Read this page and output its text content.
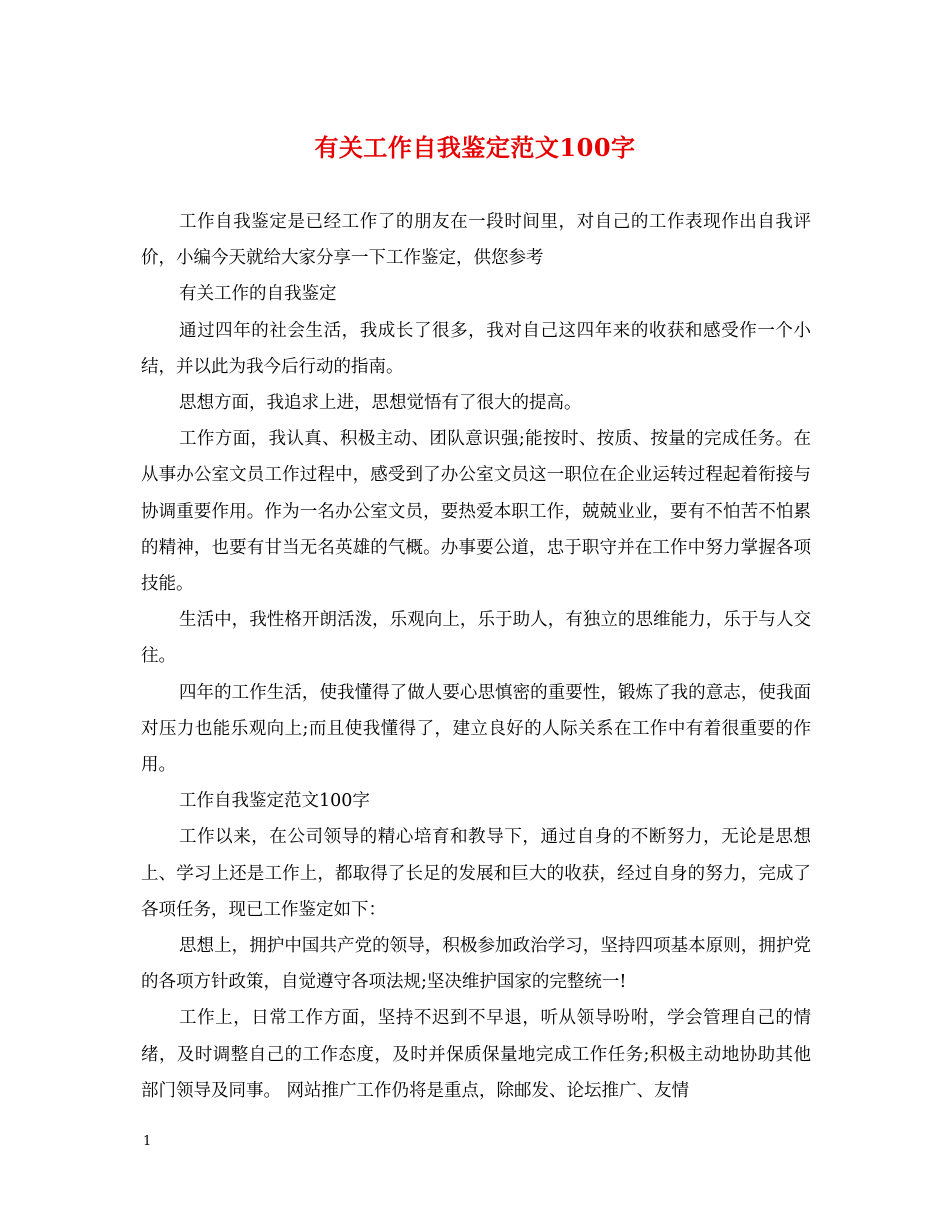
有关工作自我鉴定范文100字

工作自我鉴定是已经工作了的朋友在一段时间里，对自己的工作表现作出自我评价，小编今天就给大家分享一下工作鉴定，供您参考

有关工作的自我鉴定

通过四年的社会生活，我成长了很多，我对自己这四年来的收获和感受作一个小结，并以此为我今后行动的指南。

思想方面，我追求上进，思想觉悟有了很大的提高。

工作方面，我认真、积极主动、团队意识强;能按时、按质、按量的完成任务。在从事办公室文员工作过程中，感受到了办公室文员这一职位在企业运转过程起着衔接与协调重要作用。作为一名办公室文员，要热爱本职工作，兢兢业业，要有不怕苦不怕累的精神，也要有甘当无名英雄的气概。办事要公道，忠于职守并在工作中努力掌握各项技能。

生活中，我性格开朗活泼，乐观向上，乐于助人，有独立的思维能力，乐于与人交往。

四年的工作生活，使我懂得了做人要心思慎密的重要性，锻炼了我的意志，使我面对压力也能乐观向上;而且使我懂得了，建立良好的人际关系在工作中有着很重要的作用。

工作自我鉴定范文100字

工作以来，在公司领导的精心培育和教导下，通过自身的不断努力，无论是思想上、学习上还是工作上，都取得了长足的发展和巨大的收获，经过自身的努力，完成了各项任务，现已工作鉴定如下：

思想上，拥护中国共产党的领导，积极参加政治学习，坚持四项基本原则，拥护党的各项方针政策，自觉遵守各项法规;坚决维护国家的完整统一!

工作上，日常工作方面，坚持不迟到不早退，听从领导吩咐，学会管理自己的情绪，及时调整自己的工作态度，及时并保质保量地完成工作任务;积极主动地协助其他部门领导及同事。 网站推广工作仍将是重点，除邮发、论坛推广、友情

1
